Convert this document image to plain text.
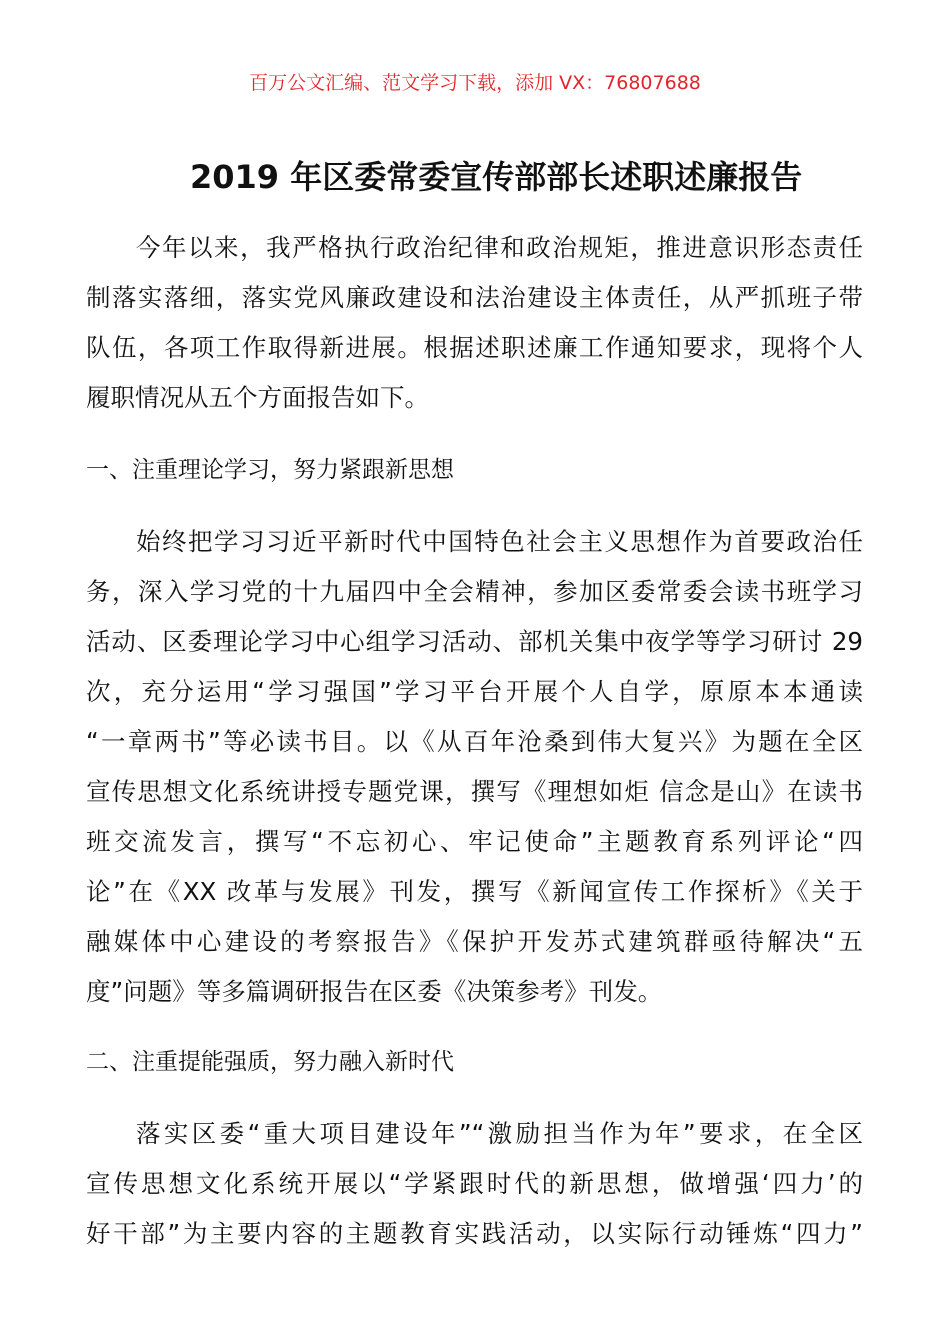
百万公文汇编、范文学习下载，添加 VX：76807688
2019 年区委常委宣传部部长述职述廉报告
今年以来，我严格执行政治纪律和政治规矩，推进意识形态责任
制落实落细，落实党风廉政建设和法治建设主体责任，从严抓班子带
队伍，各项工作取得新进展。根据述职述廉工作通知要求，现将个人
履职情况从五个方面报告如下。
一、注重理论学习，努力紧跟新思想
始终把学习习近平新时代中国特色社会主义思想作为首要政治任
务，深入学习党的十九届四中全会精神，参加区委常委会读书班学习
活动、区委理论学习中心组学习活动、部机关集中夜学等学习研讨 29
次，充分运用“学习强国”学习平台开展个人自学，原原本本通读
“一章两书”等必读书目。以《从百年沧桑到伟大复兴》为题在全区
宣传思想文化系统讲授专题党课，撰写《理想如炬 信念是山》在读书
班交流发言，撰写“不忘初心、牢记使命”主题教育系列评论“四
论”在《XX 改革与发展》刊发，撰写《新闻宣传工作探析》《关于
融媒体中心建设的考察报告》《保护开发苏式建筑群亟待解决“五
度”问题》等多篇调研报告在区委《决策参考》刊发。
二、注重提能强质，努力融入新时代
落实区委“重大项目建设年”“激励担当作为年”要求，在全区
宣传思想文化系统开展以“学紧跟时代的新思想，做增强‘四力’的
好干部”为主要内容的主题教育实践活动，以实际行动锤炼“四力”
